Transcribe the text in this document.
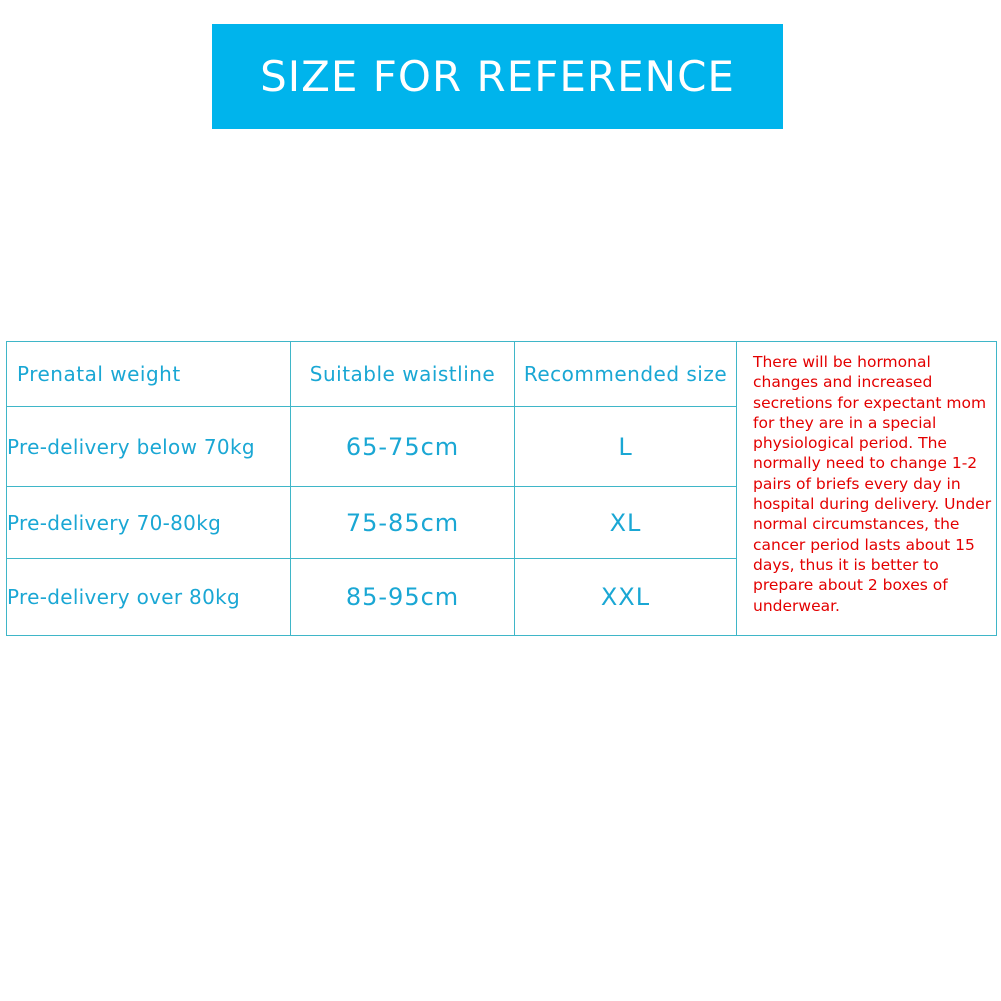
SIZE FOR REFERENCE
Prenatal weight	Suitable waistline	Recommended size	There will be hormonal changes and increased secretions for expectant mom for they are in a special physiological period. The normally need to change 1-2 pairs of briefs every day in hospital during delivery. Under normal circumstances, the cancer period lasts about 15 days, thus it is better to prepare about 2 boxes of underwear.
Pre-delivery below 70kg	65-75cm	L	
Pre-delivery 70-80kg	75-85cm	XL	
Pre-delivery over 80kg	85-95cm	XXL	
